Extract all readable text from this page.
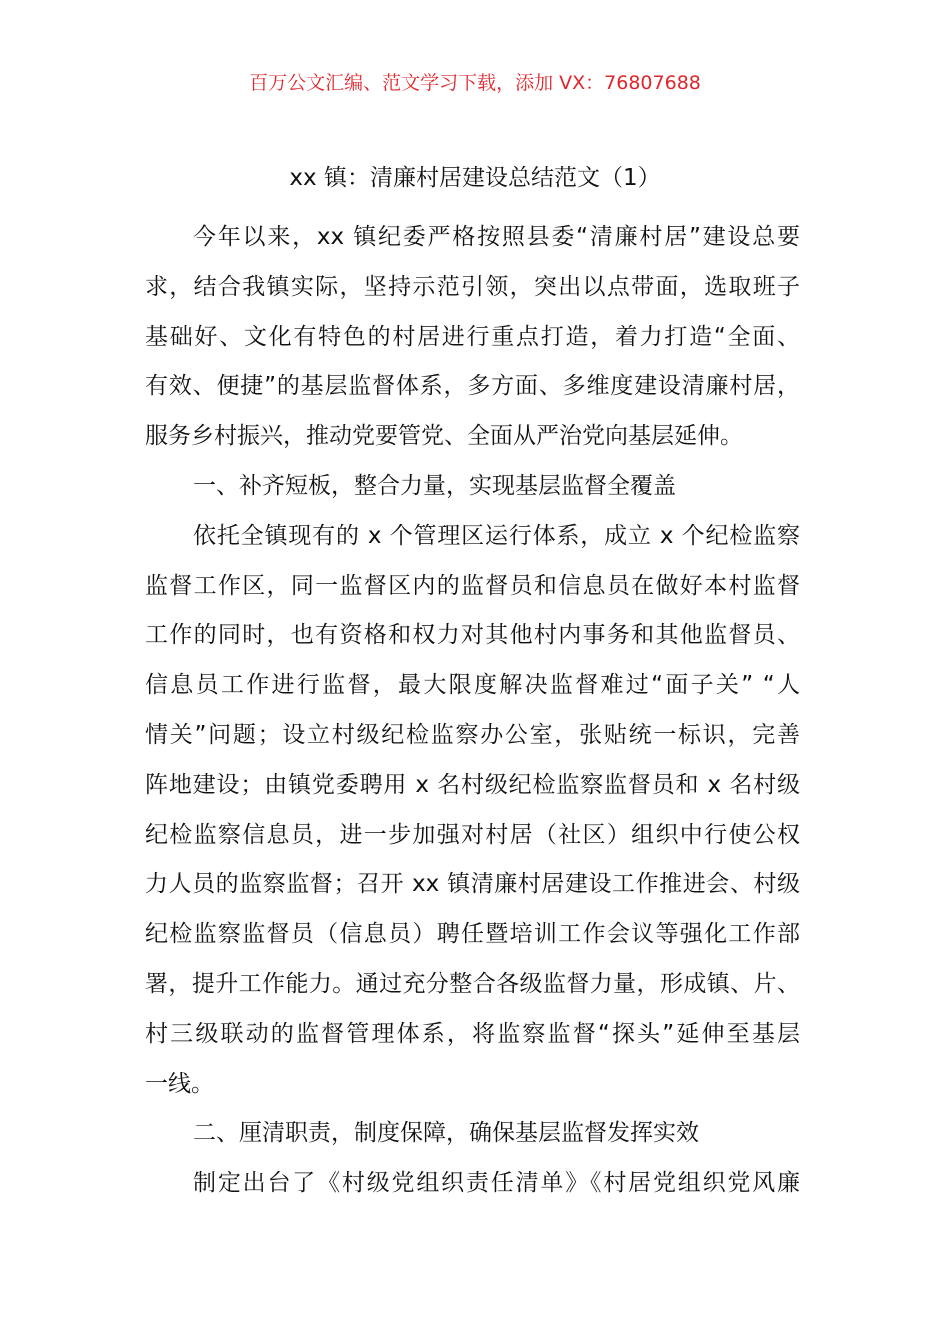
百万公文汇编、范文学习下载，添加 VX：76807688
xx 镇：清廉村居建设总结范文（1）
今年以来，xx 镇纪委严格按照县委“清廉村居”建设总要
求，结合我镇实际，坚持示范引领，突出以点带面，选取班子
基础好、文化有特色的村居进行重点打造，着力打造“全面、
有效、便捷”的基层监督体系，多方面、多维度建设清廉村居，
服务乡村振兴，推动党要管党、全面从严治党向基层延伸。
一、补齐短板，整合力量，实现基层监督全覆盖
依托全镇现有的 x 个管理区运行体系，成立 x 个纪检监察
监督工作区，同一监督区内的监督员和信息员在做好本村监督
工作的同时，也有资格和权力对其他村内事务和其他监督员、
信息员工作进行监督，最大限度解决监督难过“面子关” “人
情关”问题；设立村级纪检监察办公室，张贴统一标识，完善
阵地建设；由镇党委聘用 x 名村级纪检监察监督员和 x 名村级
纪检监察信息员，进一步加强对村居（社区）组织中行使公权
力人员的监察监督；召开 xx 镇清廉村居建设工作推进会、村级
纪检监察监督员（信息员）聘任暨培训工作会议等强化工作部
署，提升工作能力。通过充分整合各级监督力量，形成镇、片、
村三级联动的监督管理体系，将监察监督“探头”延伸至基层
一线。
二、厘清职责，制度保障，确保基层监督发挥实效
制定出台了《村级党组织责任清单》《村居党组织党风廉
